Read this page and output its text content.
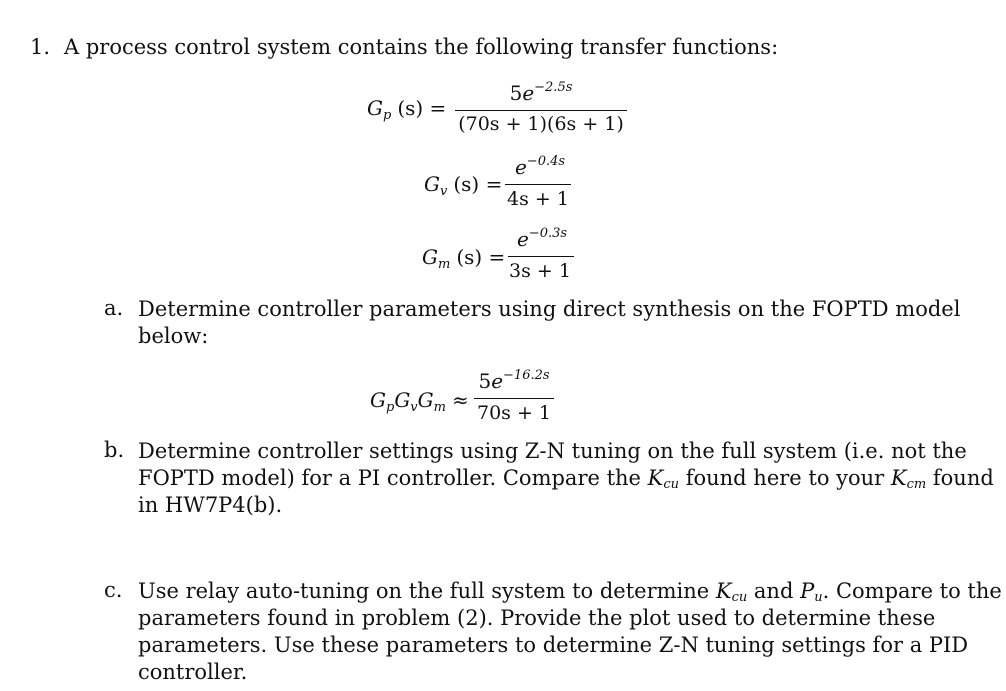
1. A process control system contains the following transfer functions:
$G_p$ (s) =
$5e^{-2.5s}$
(70s + 1)(6s + 1)
$G_v$ (s) =
$e^{-0.4s}$
4s + 1
$G_m$ (s) =
$e^{-0.3s}$
3s + 1
a. Determine controller parameters using direct synthesis on the FOPTD model
below:
$G_pG_vG_m$ ≈
$5e^{-16.2s}$
70s + 1
b. Determine controller settings using Z-N tuning on the full system (i.e. not the
FOPTD model) for a PI controller. Compare the $K_{cu}$ found here to your $K_{cm}$ found
in HW7P4(b).
c. Use relay auto-tuning on the full system to determine $K_{cu}$ and $P_u$. Compare to the
parameters found in problem (2). Provide the plot used to determine these
parameters. Use these parameters to determine Z-N tuning settings for a PID
controller.
